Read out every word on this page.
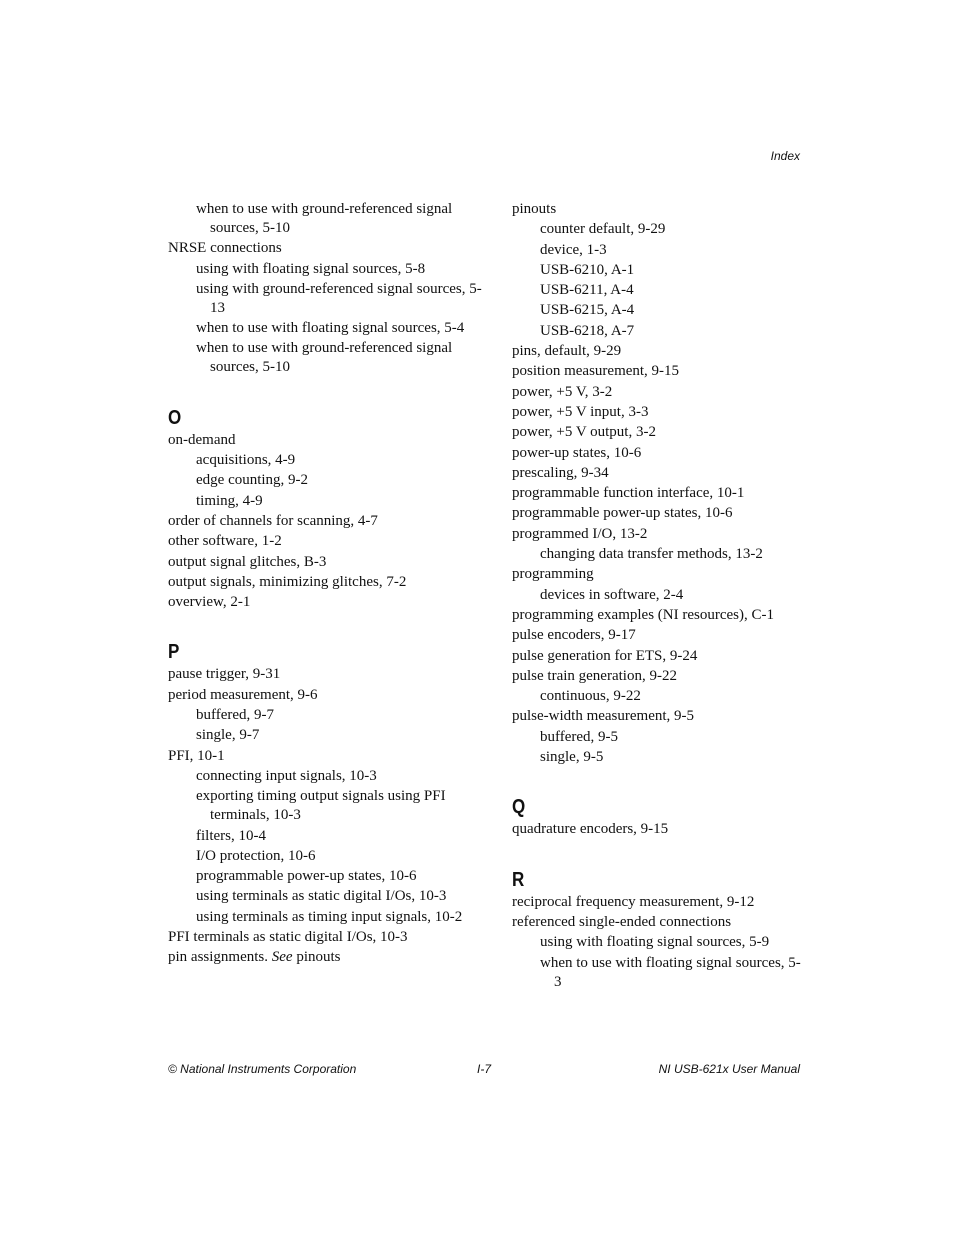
Index
when to use with ground-referenced signal sources, 5-10
NRSE connections
using with floating signal sources, 5-8
using with ground-referenced signal sources, 5-13
when to use with floating signal sources, 5-4
when to use with ground-referenced signal sources, 5-10
O
on-demand
acquisitions, 4-9
edge counting, 9-2
timing, 4-9
order of channels for scanning, 4-7
other software, 1-2
output signal glitches, B-3
output signals, minimizing glitches, 7-2
overview, 2-1
P
pause trigger, 9-31
period measurement, 9-6
buffered, 9-7
single, 9-7
PFI, 10-1
connecting input signals, 10-3
exporting timing output signals using PFI terminals, 10-3
filters, 10-4
I/O protection, 10-6
programmable power-up states, 10-6
using terminals as static digital I/Os, 10-3
using terminals as timing input signals, 10-2
PFI terminals as static digital I/Os, 10-3
pin assignments. See pinouts
pinouts
counter default, 9-29
device, 1-3
USB-6210, A-1
USB-6211, A-4
USB-6215, A-4
USB-6218, A-7
pins, default, 9-29
position measurement, 9-15
power, +5 V, 3-2
power, +5 V input, 3-3
power, +5 V output, 3-2
power-up states, 10-6
prescaling, 9-34
programmable function interface, 10-1
programmable power-up states, 10-6
programmed I/O, 13-2
changing data transfer methods, 13-2
programming
devices in software, 2-4
programming examples (NI resources), C-1
pulse encoders, 9-17
pulse generation for ETS, 9-24
pulse train generation, 9-22
continuous, 9-22
pulse-width measurement, 9-5
buffered, 9-5
single, 9-5
Q
quadrature encoders, 9-15
R
reciprocal frequency measurement, 9-12
referenced single-ended connections
using with floating signal sources, 5-9
when to use with floating signal sources, 5-3
© National Instruments Corporation	I-7	NI USB-621x User Manual
